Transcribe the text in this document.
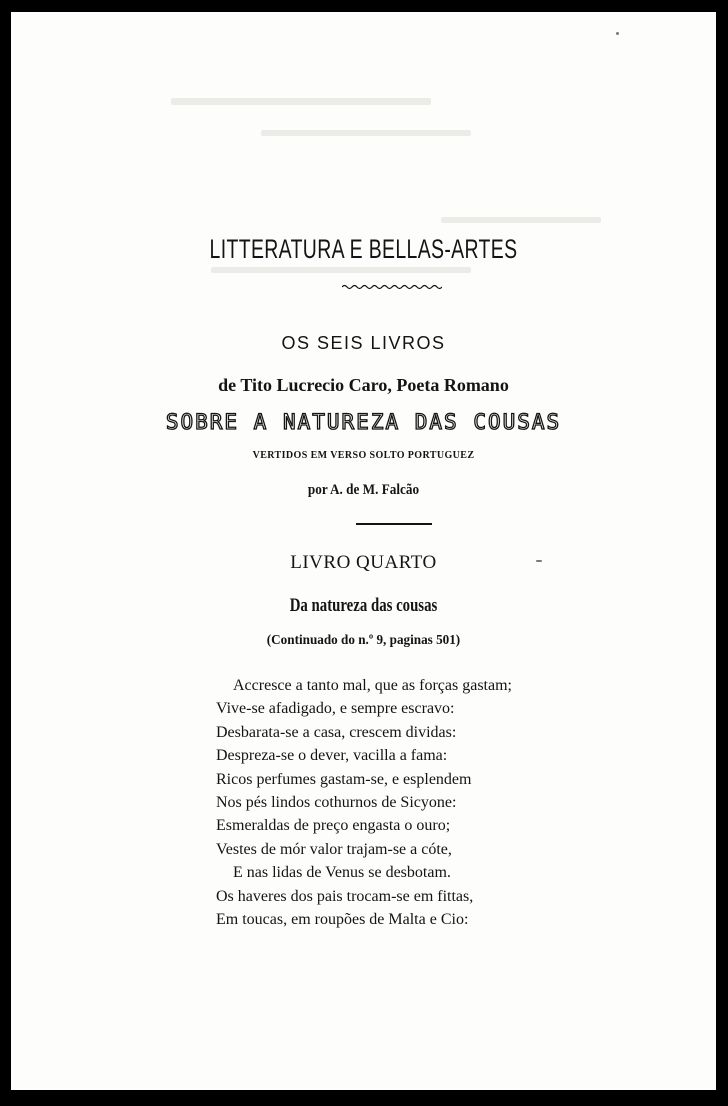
LITTERATURA E BELLAS-ARTES
OS SEIS LIVROS
de Tito Lucrecio Caro, Poeta Romano
SOBRE A NATUREZA DAS COUSAS
VERTIDOS EM VERSO SOLTO PORTUGUEZ
por A. de M. Falcão
LIVRO QUARTO
Da natureza das cousas
(Continuado do n.º 9, paginas 501)
Accresce a tanto mal, que as forças gastam;
Vive-se afadigado, e sempre escravo:
Desbarata-se a casa, crescem dividas:
Despreza-se o dever, vacilla a fama:
Ricos perfumes gastam-se, e esplendem
Nos pés lindos cothurnos de Sicyone:
Esmeraldas de preço engasta o ouro;
Vestes de mór valor trajam-se a cóte,
E nas lidas de Venus se desbotam.
Os haveres dos pais trocam-se em fittas,
Em toucas, em roupões de Malta e Cio:
